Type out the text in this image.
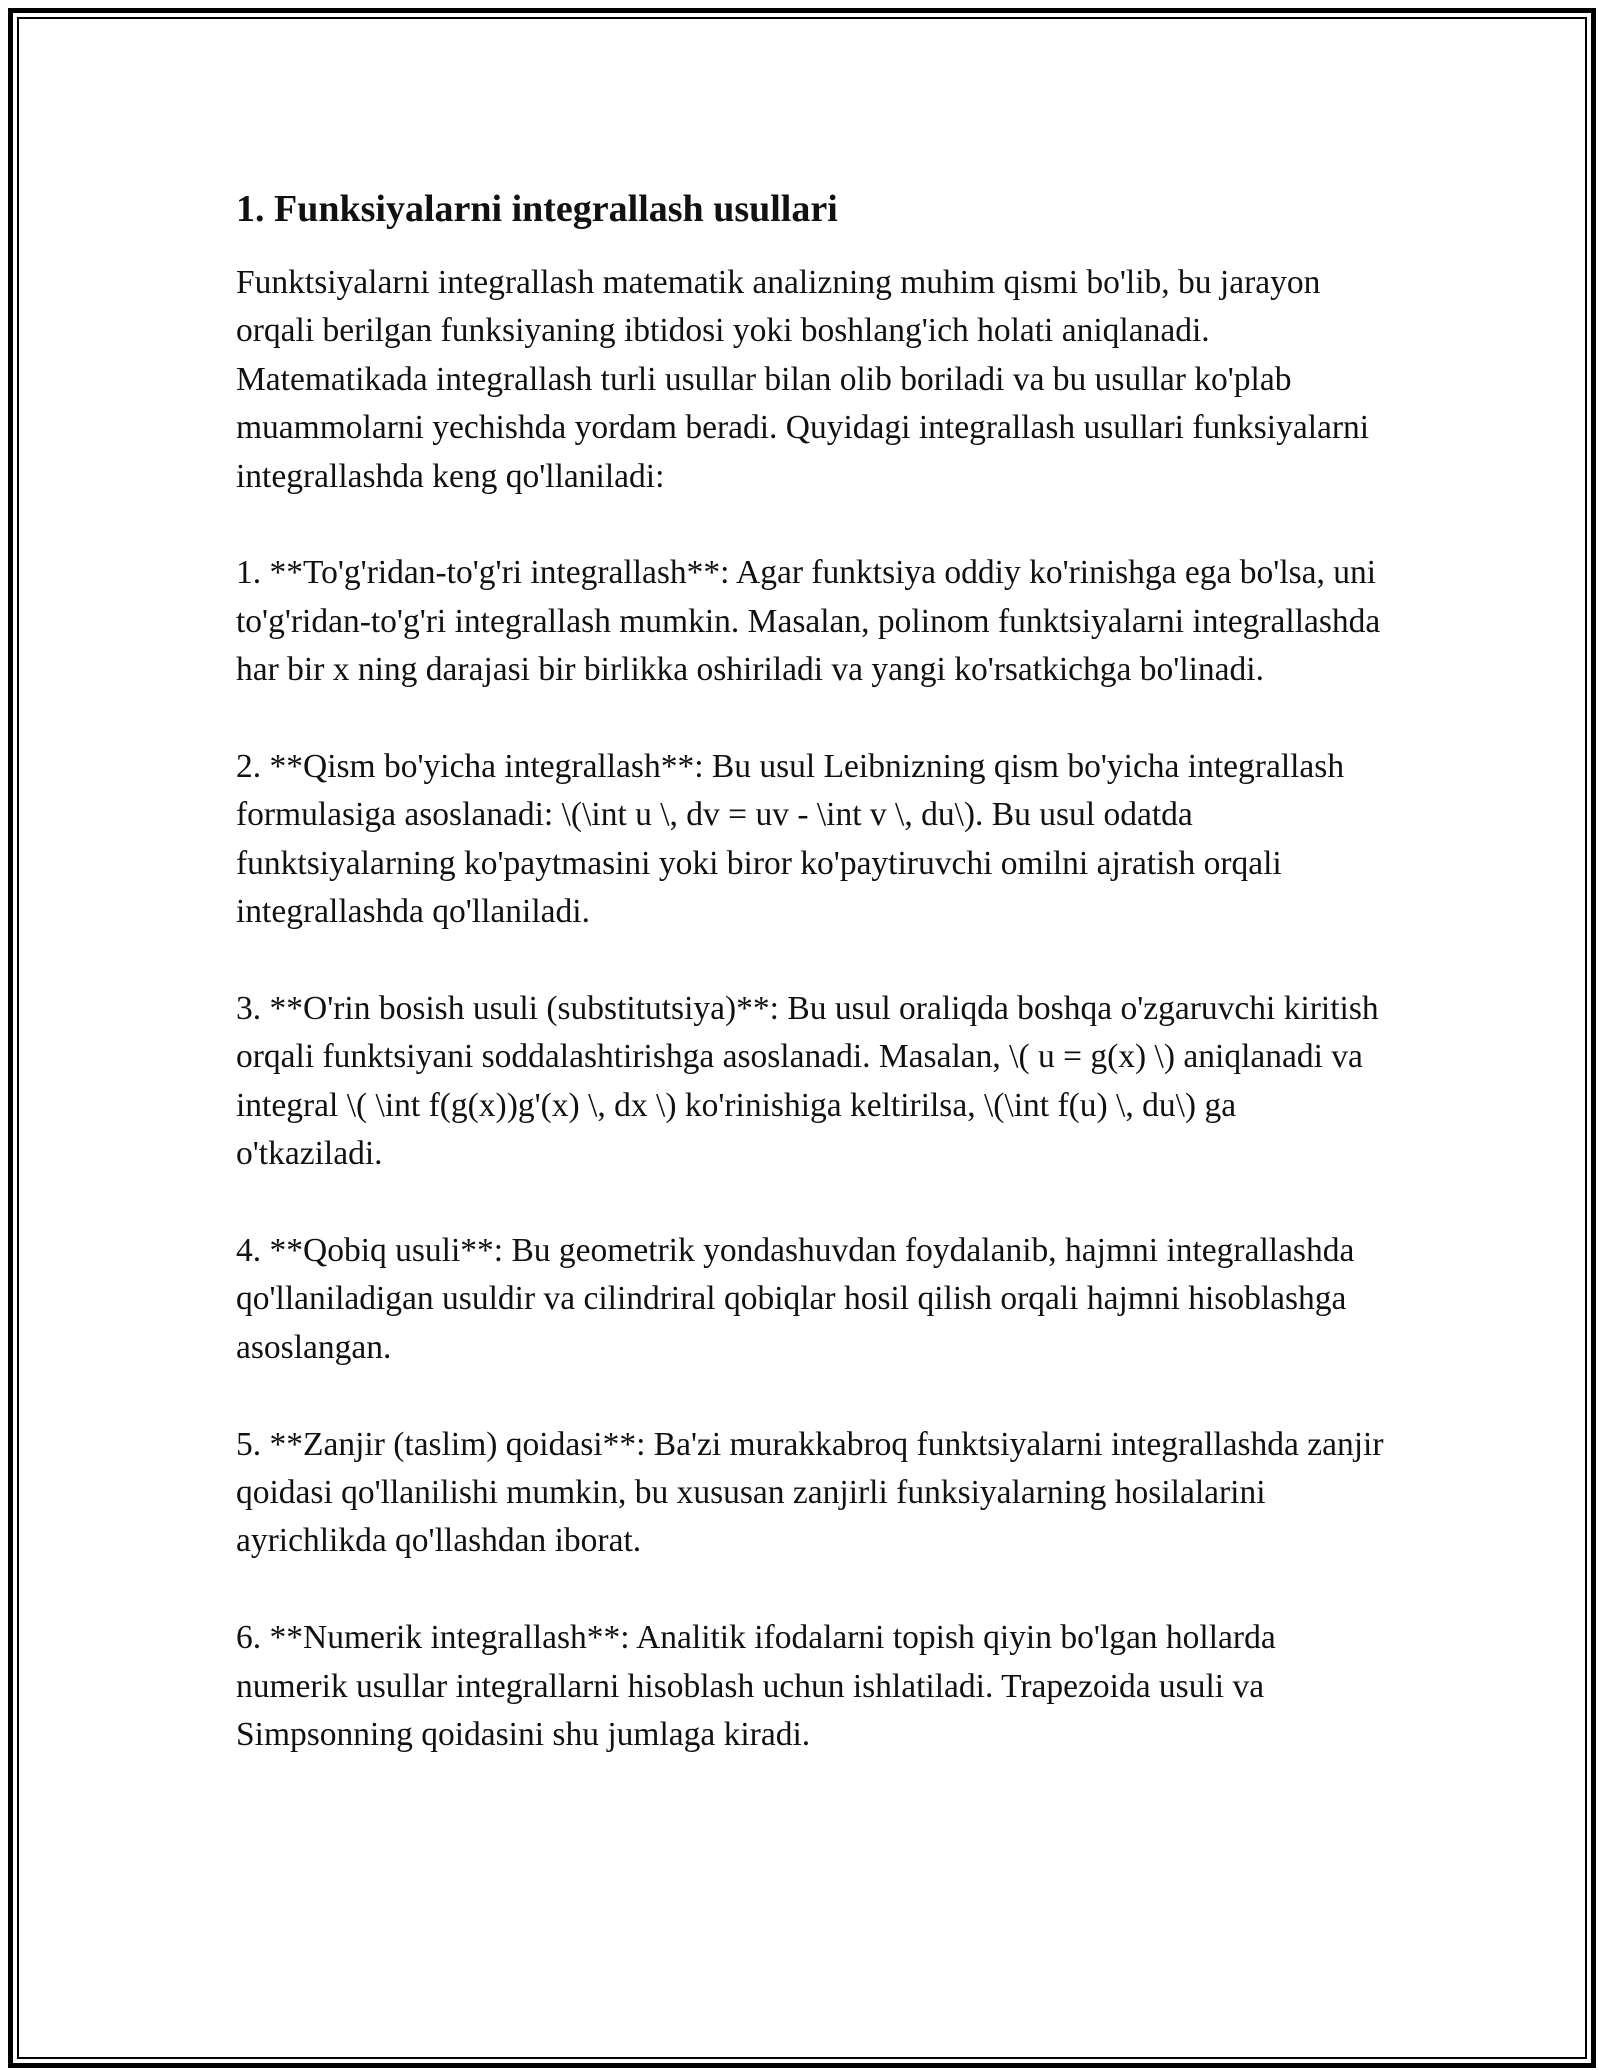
1. Funksiyalarni integrallash usullari

Funktsiyalarni integrallash matematik analizning muhim qismi bo'lib, bu jarayon orqali berilgan funksiyaning ibtidosi yoki boshlang'ich holati aniqlanadi. Matematikada integrallash turli usullar bilan olib boriladi va bu usullar ko'plab muammolarni yechishda yordam beradi. Quyidagi integrallash usullari funksiyalarni integrallashda keng qo'llaniladi:

1. **To'g'ridan-to'g'ri integrallash**: Agar funktsiya oddiy ko'rinishga ega bo'lsa, uni to'g'ridan-to'g'ri integrallash mumkin. Masalan, polinom funktsiyalarni integrallashda har bir x ning darajasi bir birlikka oshiriladi va yangi ko'rsatkichga bo'linadi.

2. **Qism bo'yicha integrallash**: Bu usul Leibnizning qism bo'yicha integrallash formulasiga asoslanadi: \(\int u \, dv = uv - \int v \, du\). Bu usul odatda funktsiyalarning ko'paytmasini yoki biror ko'paytiruvchi omilni ajratish orqali integrallashda qo'llaniladi.

3. **O'rin bosish usuli (substitutsiya)**: Bu usul oraliqda boshqa o'zgaruvchi kiritish orqali funktsiyani soddalashtirishga asoslanadi. Masalan, \( u = g(x) \) aniqlanadi va integral \( \int f(g(x))g'(x) \, dx \) ko'rinishiga keltirilsa, \(\int f(u) \, du\) ga o'tkaziladi.

4. **Qobiq usuli**: Bu geometrik yondashuvdan foydalanib, hajmni integrallashda qo'llaniladigan usuldir va cilindriral qobiqlar hosil qilish orqali hajmni hisoblashga asoslangan.

5. **Zanjir (taslim) qoidasi**: Ba'zi murakkabroq funktsiyalarni integrallashda zanjir qoidasi qo'llanilishi mumkin, bu xususan zanjirli funksiyalarning hosilalarini ayrichlikda qo'llashdan iborat.

6. **Numerik integrallash**: Analitik ifodalarni topish qiyin bo'lgan hollarda numerik usullar integrallarni hisoblash uchun ishlatiladi. Trapezoida usuli va Simpsonning qoidasini shu jumlaga kiradi.
